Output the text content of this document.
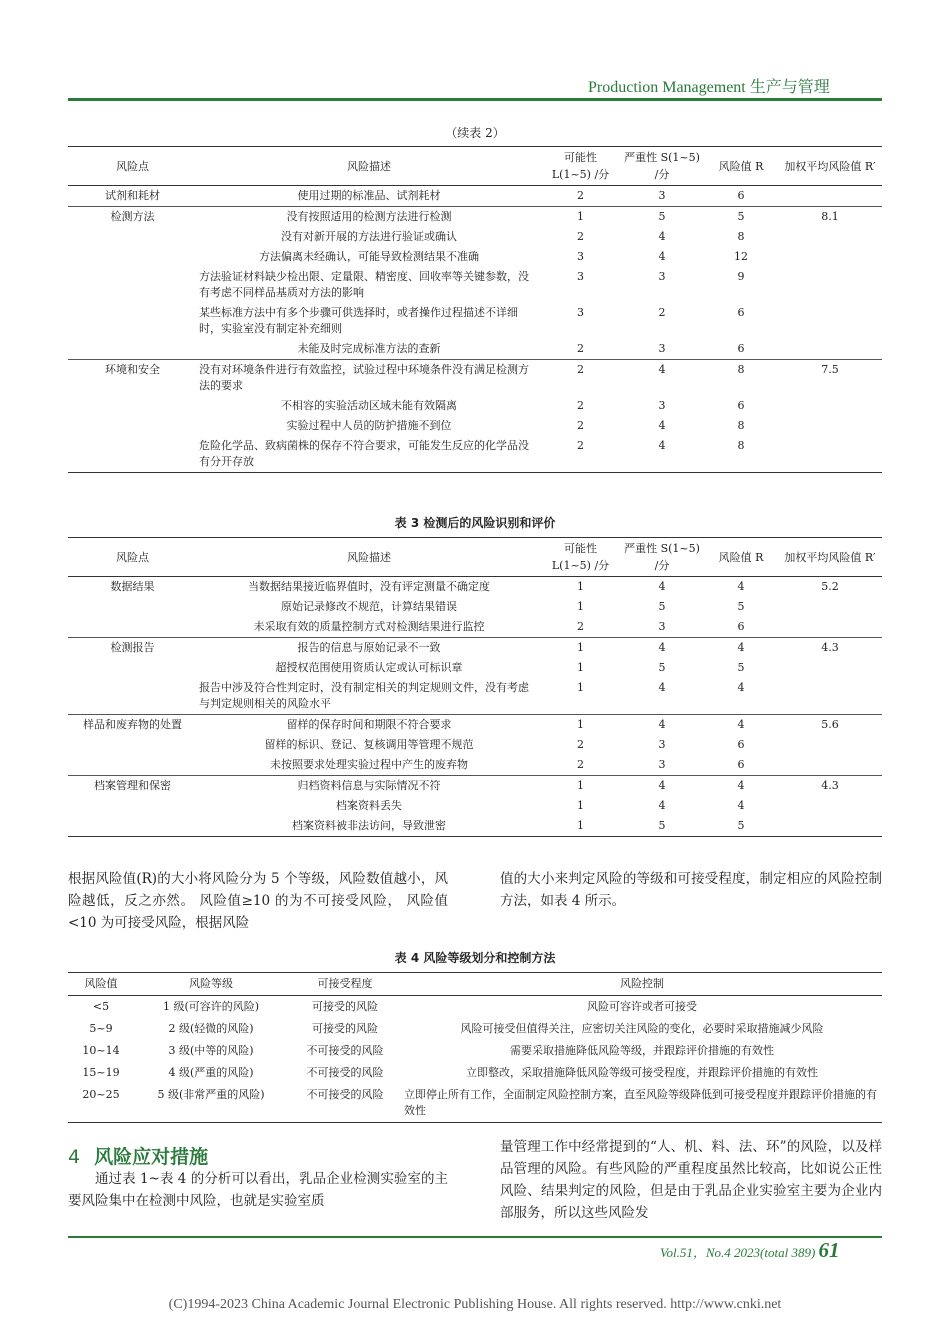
Production Management 生产与管理
（续表 2）
风险点	风险描述	可能性 L(1~5) /分	严重性 S(1~5) /分	风险值 R	加权平均风险值 R′
试剂和耗材	使用过期的标准品、试剂耗材	2	3	6	
检测方法	没有按照适用的检测方法进行检测	1	5	5	8.1
	没有对新开展的方法进行验证或确认	2	4	8	
	方法偏离未经确认，可能导致检测结果不准确	3	4	12	
	方法验证材料缺少检出限、定量限、精密度、回收率等关键参数，没有考虑不同样品基质对方法的影响	3	3	9	
	某些标准方法中有多个步骤可供选择时，或者操作过程描述不详细时，实验室没有制定补充细则	3	2	6	
	未能及时完成标准方法的查新	2	3	6	
环境和安全	没有对环境条件进行有效监控，试验过程中环境条件没有满足检测方法的要求	2	4	8	7.5
	不相容的实验活动区域未能有效隔离	2	3	6	
	实验过程中人员的防护措施不到位	2	4	8	
	危险化学品、致病菌株的保存不符合要求，可能发生反应的化学品没有分开存放	2	4	8	
表 3 检测后的风险识别和评价
风险点	风险描述	可能性 L(1~5) /分	严重性 S(1~5) /分	风险值 R	加权平均风险值 R′
数据结果	当数据结果接近临界值时，没有评定测量不确定度	1	4	4	5.2
	原始记录修改不规范，计算结果错误	1	5	5	
	未采取有效的质量控制方式对检测结果进行监控	2	3	6	
检测报告	报告的信息与原始记录不一致	1	4	4	4.3
	超授权范围使用资质认定或认可标识章	1	5	5	
	报告中涉及符合性判定时，没有制定相关的判定规则文件，没有考虑与判定规则相关的风险水平	1	4	4	
样品和废弃物的处置	留样的保存时间和期限不符合要求	1	4	4	5.6
	留样的标识、登记、复核调用等管理不规范	2	3	6	
	未按照要求处理实验过程中产生的废弃物	2	3	6	
档案管理和保密	归档资料信息与实际情况不符	1	4	4	4.3
	档案资料丢失	1	4	4	
	档案资料被非法访问，导致泄密	1	5	5	
根据风险值(R)的大小将风险分为 5 个等级，风险数值越小，风险越低，反之亦然。 风险值≥10 的为不可接受风险， 风险值<10 为可接受风险，根据风险
值的大小来判定风险的等级和可接受程度，制定相应的风险控制方法，如表 4 所示。
表 4 风险等级划分和控制方法
风险值	风险等级	可接受程度	风险控制
<5	1 级(可容许的风险)	可接受的风险	风险可容许或者可接受
5~9	2 级(轻微的风险)	可接受的风险	风险可接受但值得关注，应密切关注风险的变化，必要时采取措施减少风险
10~14	3 级(中等的风险)	不可接受的风险	需要采取措施降低风险等级，并跟踪评价措施的有效性
15~19	4 级(严重的风险)	不可接受的风险	立即整改，采取措施降低风险等级可接受程度，并跟踪评价措施的有效性
20~25	5 级(非常严重的风险)	不可接受的风险	立即停止所有工作，全面制定风险控制方案，直至风险等级降低到可接受程度并跟踪评价措施的有效性
4 风险应对措施
通过表 1~表 4 的分析可以看出，乳品企业检测实验室的主要风险集中在检测中风险，也就是实验室质
量管理工作中经常提到的“人、机、料、法、环”的风险，以及样品管理的风险。有些风险的严重程度虽然比较高，比如说公正性风险、结果判定的风险，但是由于乳品企业实验室主要为企业内部服务，所以这些风险发
Vol.51，No.4 2023(total 389) 61
(C)1994-2023 China Academic Journal Electronic Publishing House. All rights reserved. http://www.cnki.net
